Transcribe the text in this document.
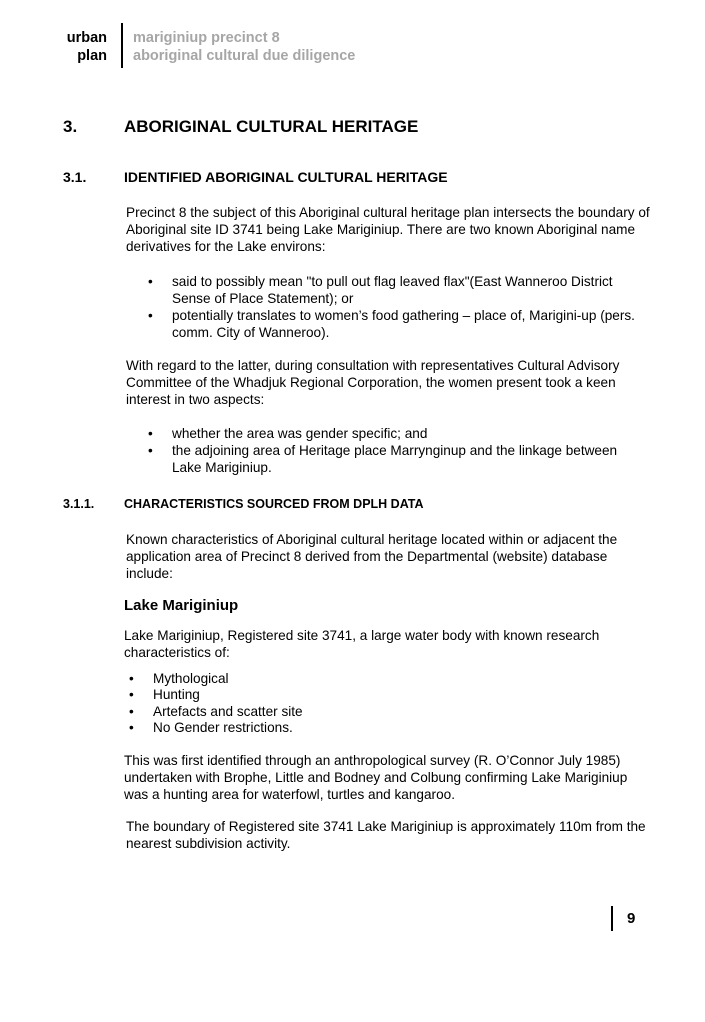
urban
plan
mariginiup precinct 8
aboriginal cultural due diligence
3.	ABORIGINAL CULTURAL HERITAGE
3.1.	IDENTIFIED ABORIGINAL CULTURAL HERITAGE

Precinct 8 the subject of this Aboriginal cultural heritage plan intersects the boundary of Aboriginal site ID 3741 being Lake Mariginiup. There are two known Aboriginal name derivatives for the Lake environs:

• said to possibly mean "to pull out flag leaved flax"(East Wanneroo District Sense of Place Statement); or
• potentially translates to women’s food gathering – place of, Marigini-up (pers. comm. City of Wanneroo).

With regard to the latter, during consultation with representatives Cultural Advisory Committee of the Whadjuk Regional Corporation, the women present took a keen interest in two aspects:

• whether the area was gender specific; and
• the adjoining area of Heritage place Marrynginup and the linkage between Lake Mariginiup.
3.1.1. CHARACTERISTICS SOURCED FROM DPLH DATA

Known characteristics of Aboriginal cultural heritage located within or adjacent the application area of Precinct 8 derived from the Departmental (website) database include:

Lake Mariginiup

Lake Mariginiup, Registered site 3741, a large water body with known research characteristics of:

• Mythological
• Hunting
• Artefacts and scatter site
• No Gender restrictions.

This was first identified through an anthropological survey (R. O’Connor July 1985) undertaken with Brophe, Little and Bodney and Colbung confirming Lake Mariginiup was a hunting area for waterfowl, turtles and kangaroo.

The boundary of Registered site 3741 Lake Mariginiup is approximately 110m from the nearest subdivision activity.

9
